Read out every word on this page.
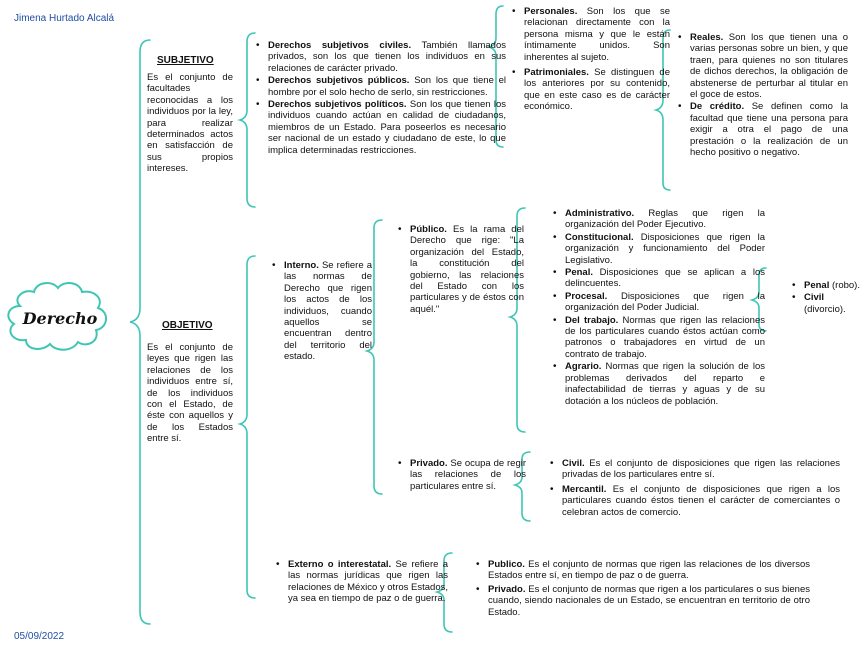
Jimena Hurtado Alcalá
05/09/2022
Derecho
SUBJETIVO
Es el conjunto de facultades reconocidas a los individuos por la ley, para realizar determinados actos en satisfacción de sus propios intereses.
• Derechos subjetivos civiles. También llamados privados, son los que tienen los individuos en sus relaciones de carácter privado.
• Derechos subjetivos públicos. Son los que tiene el hombre por el solo hecho de serlo, sin restricciones.
• Derechos subjetivos políticos. Son los que tienen los individuos cuando actúan en calidad de ciudadanos, miembros de un Estado. Para poseerlos es necesario ser nacional de un estado y ciudadano de este, lo que implica determinadas restricciones.
• Personales. Son los que se relacionan directamente con la persona misma y que le están íntimamente unidos. Son inherentes al sujeto.
• Patrimoniales. Se distinguen de los anteriores por su contenido, que en este caso es de carácter económico.
• Reales. Son los que tienen una o varias personas sobre un bien, y que traen, para quienes no son titulares de dichos derechos, la obligación de abstenerse de perturbar al titular en el goce de estos.
• De crédito. Se definen como la facultad que tiene una persona para exigir a otra el pago de una prestación o la realización de un hecho positivo o negativo.
OBJETIVO
Es el conjunto de leyes que rigen las relaciones de los individuos entre sí, de los individuos con el Estado, de éste con aquellos y de los Estados entre sí.
• Interno. Se refiere a las normas de Derecho que rigen los actos de los individuos, cuando aquellos se encuentran dentro del territorio del estado.
• Público. Es la rama del Derecho que rige: "La organización del Estado, la constitución del gobierno, las relaciones del Estado con los particulares y de éstos con aquél."
• Administrativo. Reglas que rigen la organización del Poder Ejecutivo.
• Constitucional. Disposiciones que rigen la organización y funcionamiento del Poder Legislativo.
• Penal. Disposiciones que se aplican a los delincuentes.
• Procesal. Disposiciones que rigen la organización del Poder Judicial.
• Del trabajo. Normas que rigen las relaciones de los particulares cuando éstos actúan como patronos o trabajadores en virtud de un contrato de trabajo.
• Agrario. Normas que rigen la solución de los problemas derivados del reparto e inafectabilidad de tierras y aguas y de su dotación a los núcleos de población.
• Penal (robo).
• Civil (divorcio).
• Privado. Se ocupa de regir las relaciones de los particulares entre sí.
• Civil. Es el conjunto de disposiciones que rigen las relaciones privadas de los particulares entre sí.
• Mercantil. Es el conjunto de disposiciones que rigen a los particulares cuando éstos tienen el carácter de comerciantes o celebran actos de comercio.
• Externo o interestatal. Se refiere a las normas jurídicas que rigen las relaciones de México y otros Estados, ya sea en tiempo de paz o de guerra.
• Publico. Es el conjunto de normas que rigen las relaciones de los diversos Estados entre sí, en tiempo de paz o de guerra.
• Privado. Es el conjunto de normas que rigen a los particulares o sus bienes cuando, siendo nacionales de un Estado, se encuentran en territorio de otro Estado.
